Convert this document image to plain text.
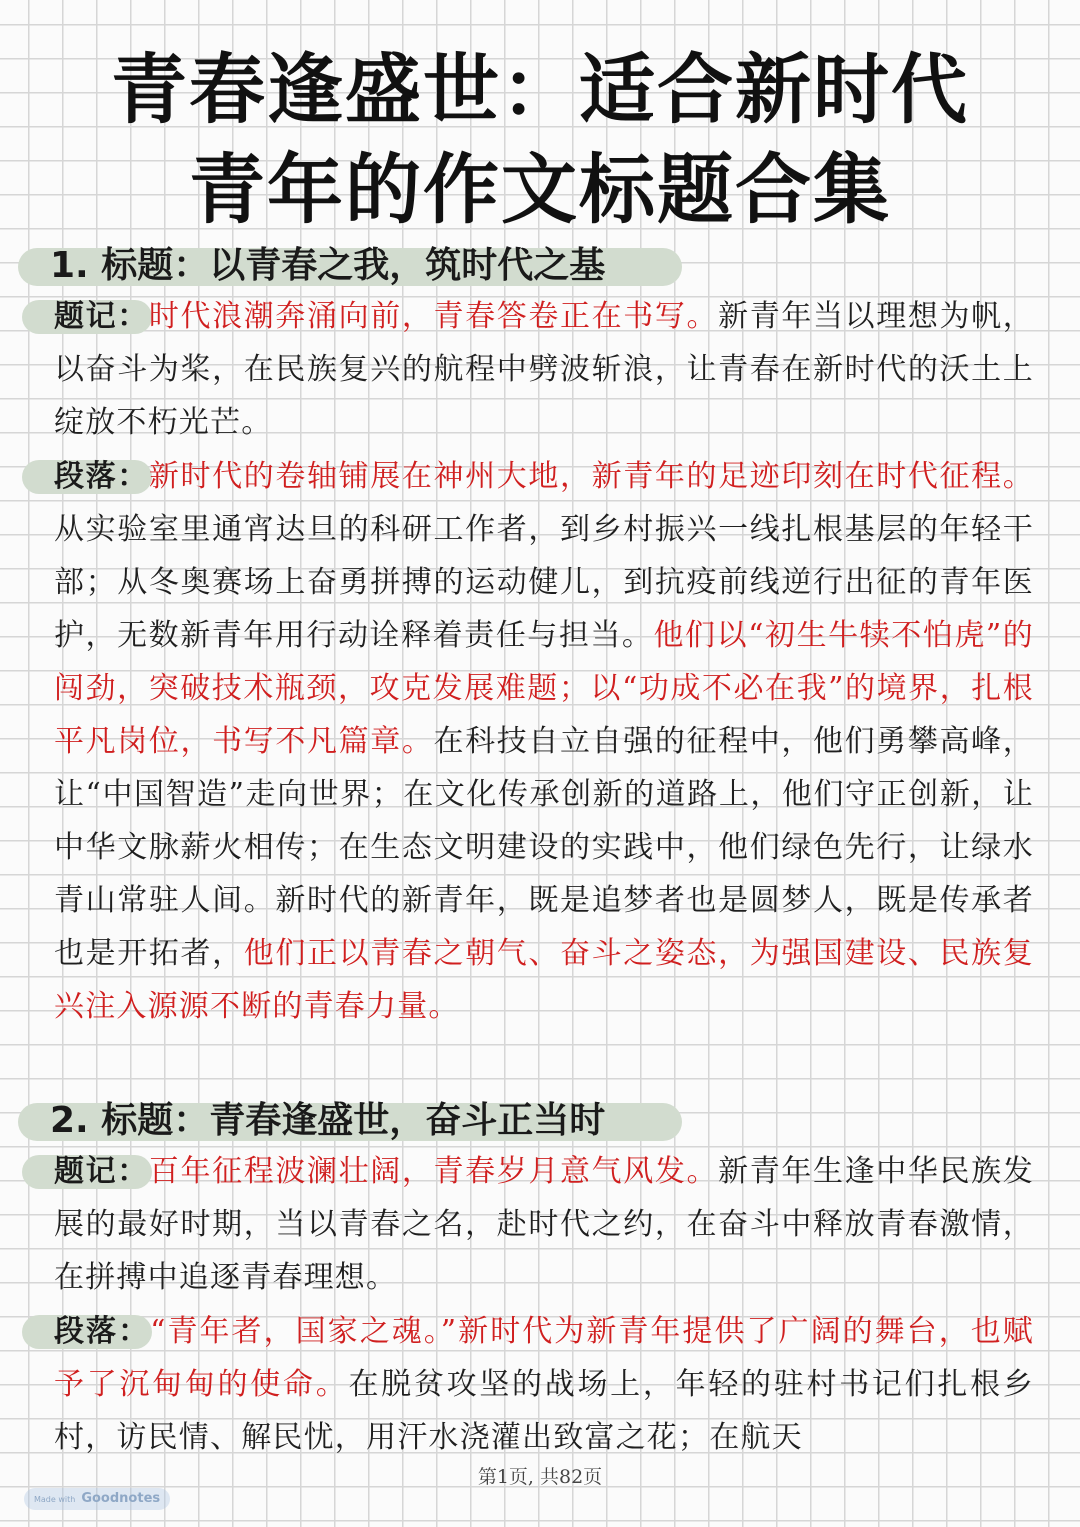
青春逢盛世：适合新时代
青年的作文标题合集
1. 标题：以青春之我，筑时代之基
题记：时代浪潮奔涌向前，青春答卷正在书写。新青年当以理想为帆，以奋斗为桨，在民族复兴的航程中劈波斩浪，让青春在新时代的沃土上绽放不朽光芒。
段落：新时代的卷轴铺展在神州大地，新青年的足迹印刻在时代征程。从实验室里通宵达旦的科研工作者，到乡村振兴一线扎根基层的年轻干部；从冬奥赛场上奋勇拼搏的运动健儿，到抗疫前线逆行出征的青年医护，无数新青年用行动诠释着责任与担当。他们以“初生牛犊不怕虎”的闯劲，突破技术瓶颈，攻克发展难题；以“功成不必在我”的境界，扎根平凡岗位，书写不凡篇章。在科技自立自强的征程中，他们勇攀高峰，让“中国智造”走向世界；在文化传承创新的道路上，他们守正创新，让中华文脉薪火相传；在生态文明建设的实践中，他们绿色先行，让绿水青山常驻人间。新时代的新青年，既是追梦者也是圆梦人，既是传承者也是开拓者，他们正以青春之朝气、奋斗之姿态，为强国建设、民族复兴注入源源不断的青春力量。
2. 标题：青春逢盛世，奋斗正当时
题记：百年征程波澜壮阔，青春岁月意气风发。新青年生逢中华民族发展的最好时期，当以青春之名，赴时代之约，在奋斗中释放青春激情，在拼搏中追逐青春理想。
段落：“青年者，国家之魂。”新时代为新青年提供了广阔的舞台，也赋予了沉甸甸的使命。在脱贫攻坚的战场上，年轻的驻村书记们扎根乡村，访民情、解民忧，用汗水浇灌出致富之花；在航天
第1页, 共82页
Made with Goodnotes
